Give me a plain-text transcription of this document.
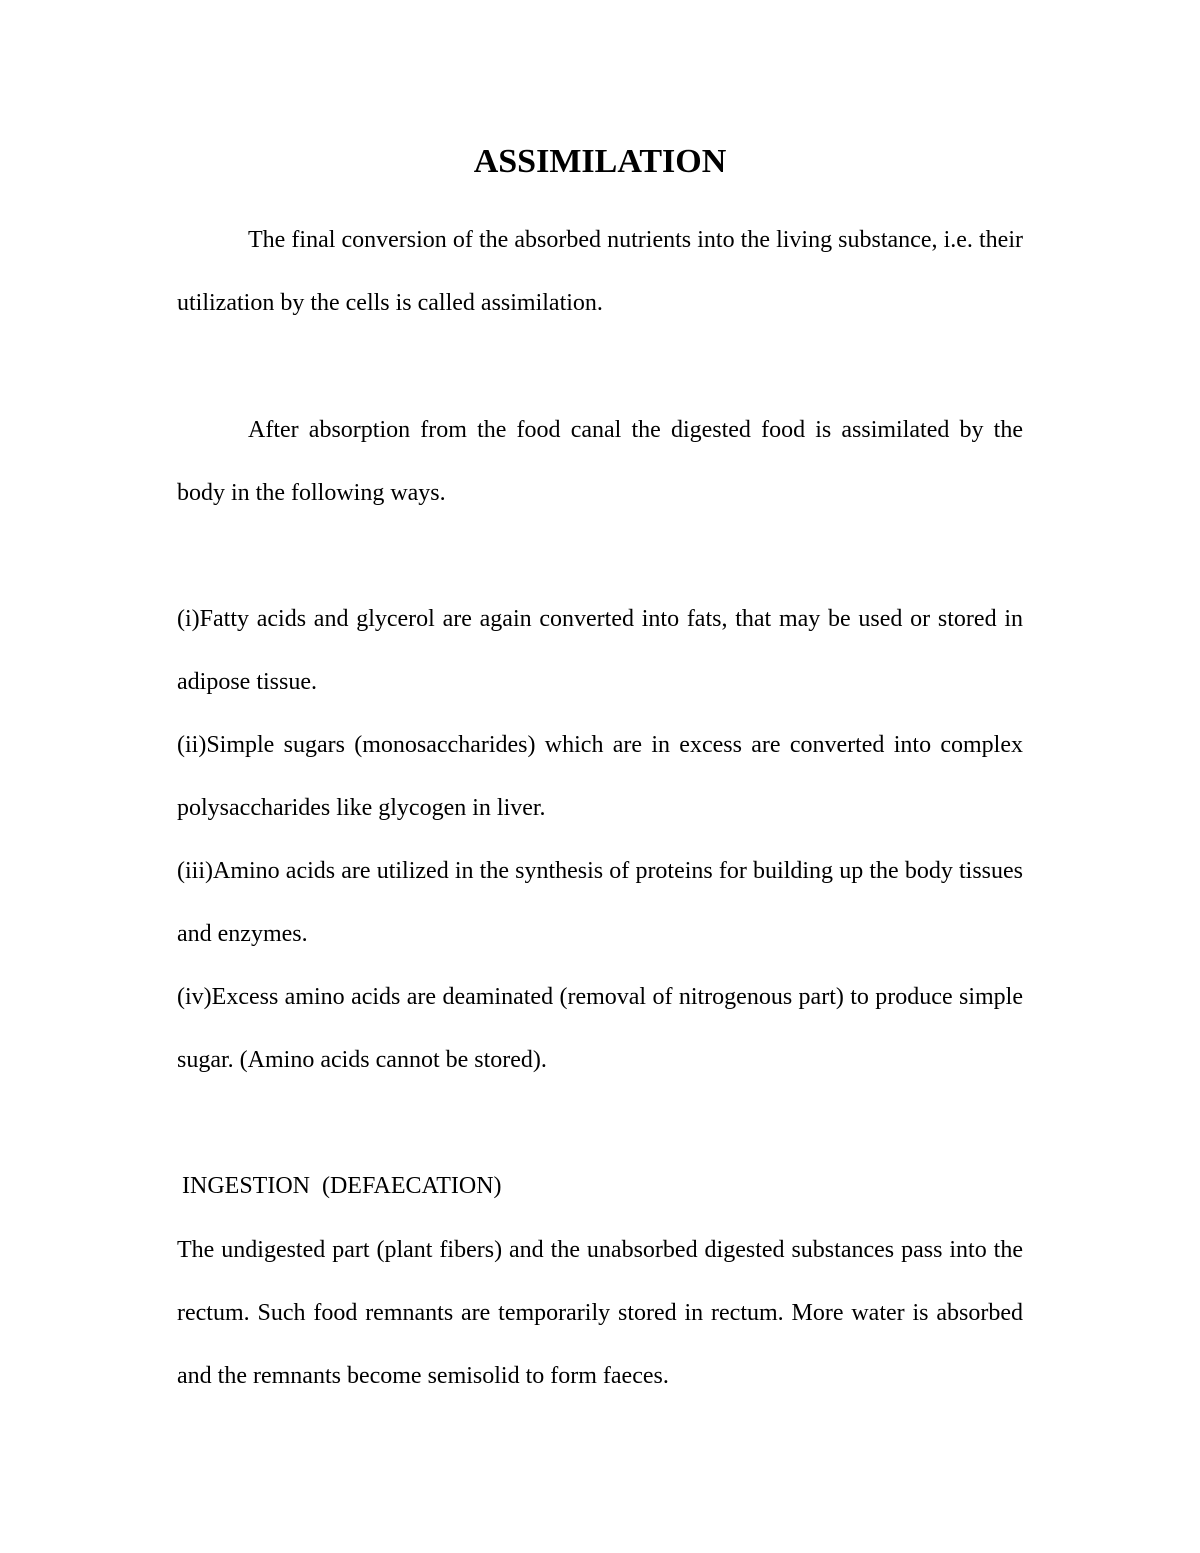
ASSIMILATION

The final conversion of the absorbed nutrients into the living substance, i.e. their utilization by the cells is called assimilation.

After absorption from the food canal the digested food is assimilated by the body in the following ways.

(i)Fatty acids and glycerol are again converted into fats, that may be used or stored in adipose tissue.

(ii)Simple sugars (monosaccharides) which are in excess are converted into complex polysaccharides like glycogen in liver.

(iii)Amino acids are utilized in the synthesis of proteins for building up the body tissues and enzymes.

(iv)Excess amino acids are deaminated (removal of nitrogenous part) to produce simple sugar. (Amino acids cannot be stored).

INGESTION  (DEFAECATION)

The undigested part (plant fibers) and the unabsorbed digested substances pass into the rectum. Such food remnants are temporarily stored in rectum. More water is absorbed and the remnants become semisolid to form faeces.
